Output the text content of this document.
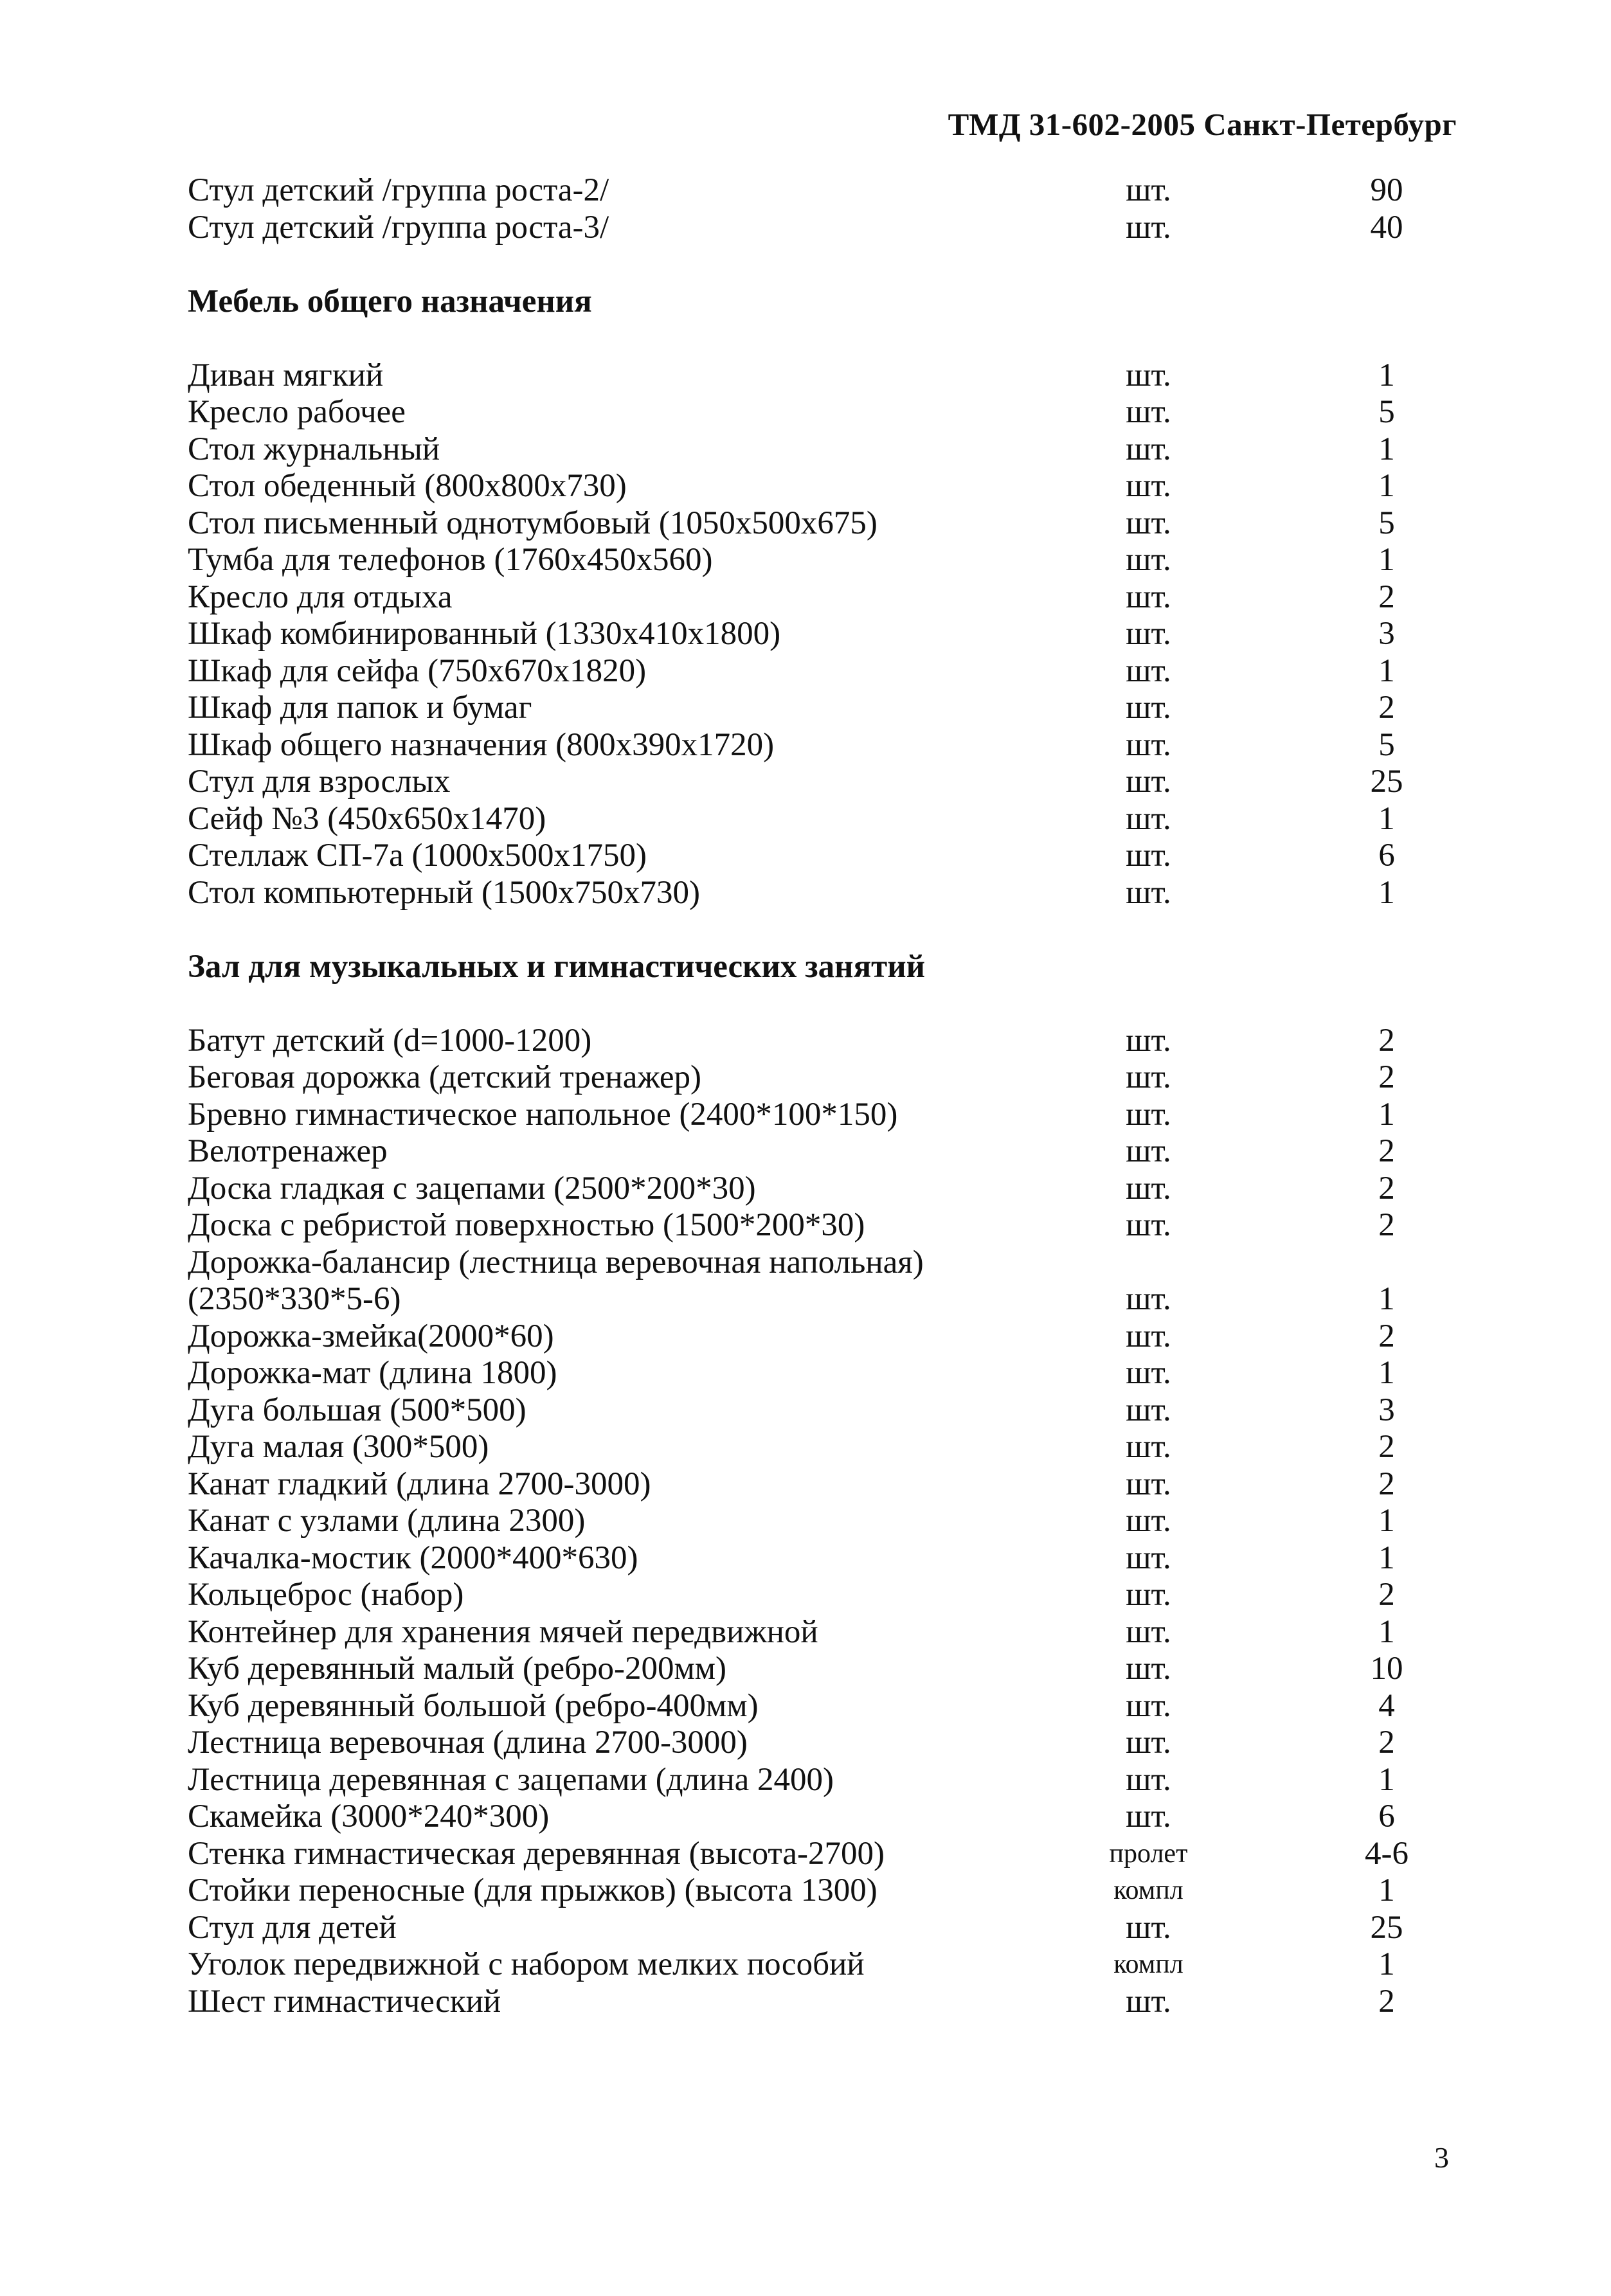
ТМД 31-602-2005 Санкт-Петербург
Стул детский /группа роста-2/	шт.	90
Стул детский /группа роста-3/	шт.	40
Мебель общего назначения
Диван мягкий	шт.	1
Кресло рабочее	шт.	5
Стол журнальный	шт.	1
Стол обеденный (800х800х730)	шт.	1
Стол письменный однотумбовый (1050х500х675)	шт.	5
Тумба для телефонов (1760х450х560)	шт.	1
Кресло для отдыха	шт.	2
Шкаф комбинированный (1330х410х1800)	шт.	3
Шкаф для сейфа (750х670х1820)	шт.	1
Шкаф для папок и бумаг	шт.	2
Шкаф общего назначения (800х390х1720)	шт.	5
Стул для взрослых	шт.	25
Сейф №3 (450х650х1470)	шт.	1
Стеллаж СП-7а (1000х500х1750)	шт.	6
Стол компьютерный (1500х750х730)	шт.	1
Зал для музыкальных и гимнастических занятий
Батут детский (d=1000-1200)	шт.	2
Беговая дорожка (детский тренажер)	шт.	2
Бревно гимнастическое напольное (2400*100*150)	шт.	1
Велотренажер	шт.	2
Доска гладкая с зацепами (2500*200*30)	шт.	2
Доска с ребристой поверхностью (1500*200*30)	шт.	2
Дорожка-балансир (лестница веревочная напольная)
(2350*330*5-6)	шт.	1
Дорожка-змейка(2000*60)	шт.	2
Дорожка-мат (длина 1800)	шт.	1
Дуга большая (500*500)	шт.	3
Дуга малая (300*500)	шт.	2
Канат гладкий (длина 2700-3000)	шт.	2
Канат с узлами (длина 2300)	шт.	1
Качалка-мостик (2000*400*630)	шт.	1
Кольцеброс (набор)	шт.	2
Контейнер для хранения мячей передвижной	шт.	1
Куб деревянный малый (ребро-200мм)	шт.	10
Куб деревянный большой (ребро-400мм)	шт.	4
Лестница веревочная (длина 2700-3000)	шт.	2
Лестница деревянная с зацепами (длина 2400)	шт.	1
Скамейка (3000*240*300)	шт.	6
Стенка гимнастическая деревянная (высота-2700)	пролет	4-6
Стойки переносные (для прыжков) (высота 1300)	компл	1
Стул для детей	шт.	25
Уголок передвижной с набором мелких пособий	компл	1
Шест гимнастический	шт.	2
3
